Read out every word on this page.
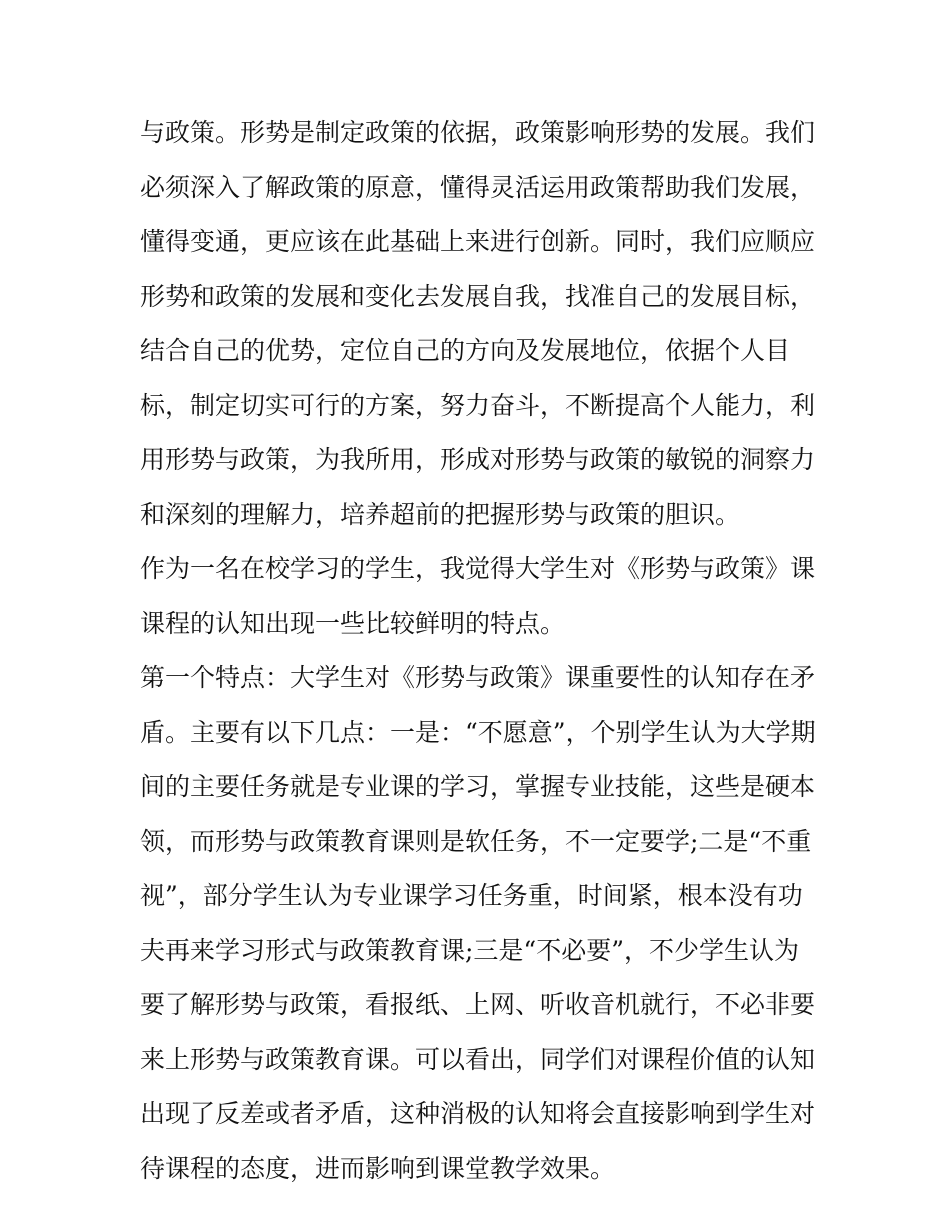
与政策。形势是制定政策的依据，政策影响形势的发展。我们
必须深入了解政策的原意，懂得灵活运用政策帮助我们发展，
懂得变通，更应该在此基础上来进行创新。同时，我们应顺应
形势和政策的发展和变化去发展自我，找准自己的发展目标，
结合自己的优势，定位自己的方向及发展地位，依据个人目
标，制定切实可行的方案，努力奋斗，不断提高个人能力，利
用形势与政策，为我所用，形成对形势与政策的敏锐的洞察力
和深刻的理解力，培养超前的把握形势与政策的胆识。
作为一名在校学习的学生，我觉得大学生对《形势与政策》课
课程的认知出现一些比较鲜明的特点。
第一个特点：大学生对《形势与政策》课重要性的认知存在矛
盾。主要有以下几点：一是：“不愿意”，个别学生认为大学期
间的主要任务就是专业课的学习，掌握专业技能，这些是硬本
领，而形势与政策教育课则是软任务，不一定要学;二是“不重
视”，部分学生认为专业课学习任务重，时间紧，根本没有功
夫再来学习形式与政策教育课;三是“不必要”，不少学生认为
要了解形势与政策，看报纸、上网、听收音机就行，不必非要
来上形势与政策教育课。可以看出，同学们对课程价值的认知
出现了反差或者矛盾，这种消极的认知将会直接影响到学生对
待课程的态度，进而影响到课堂教学效果。
